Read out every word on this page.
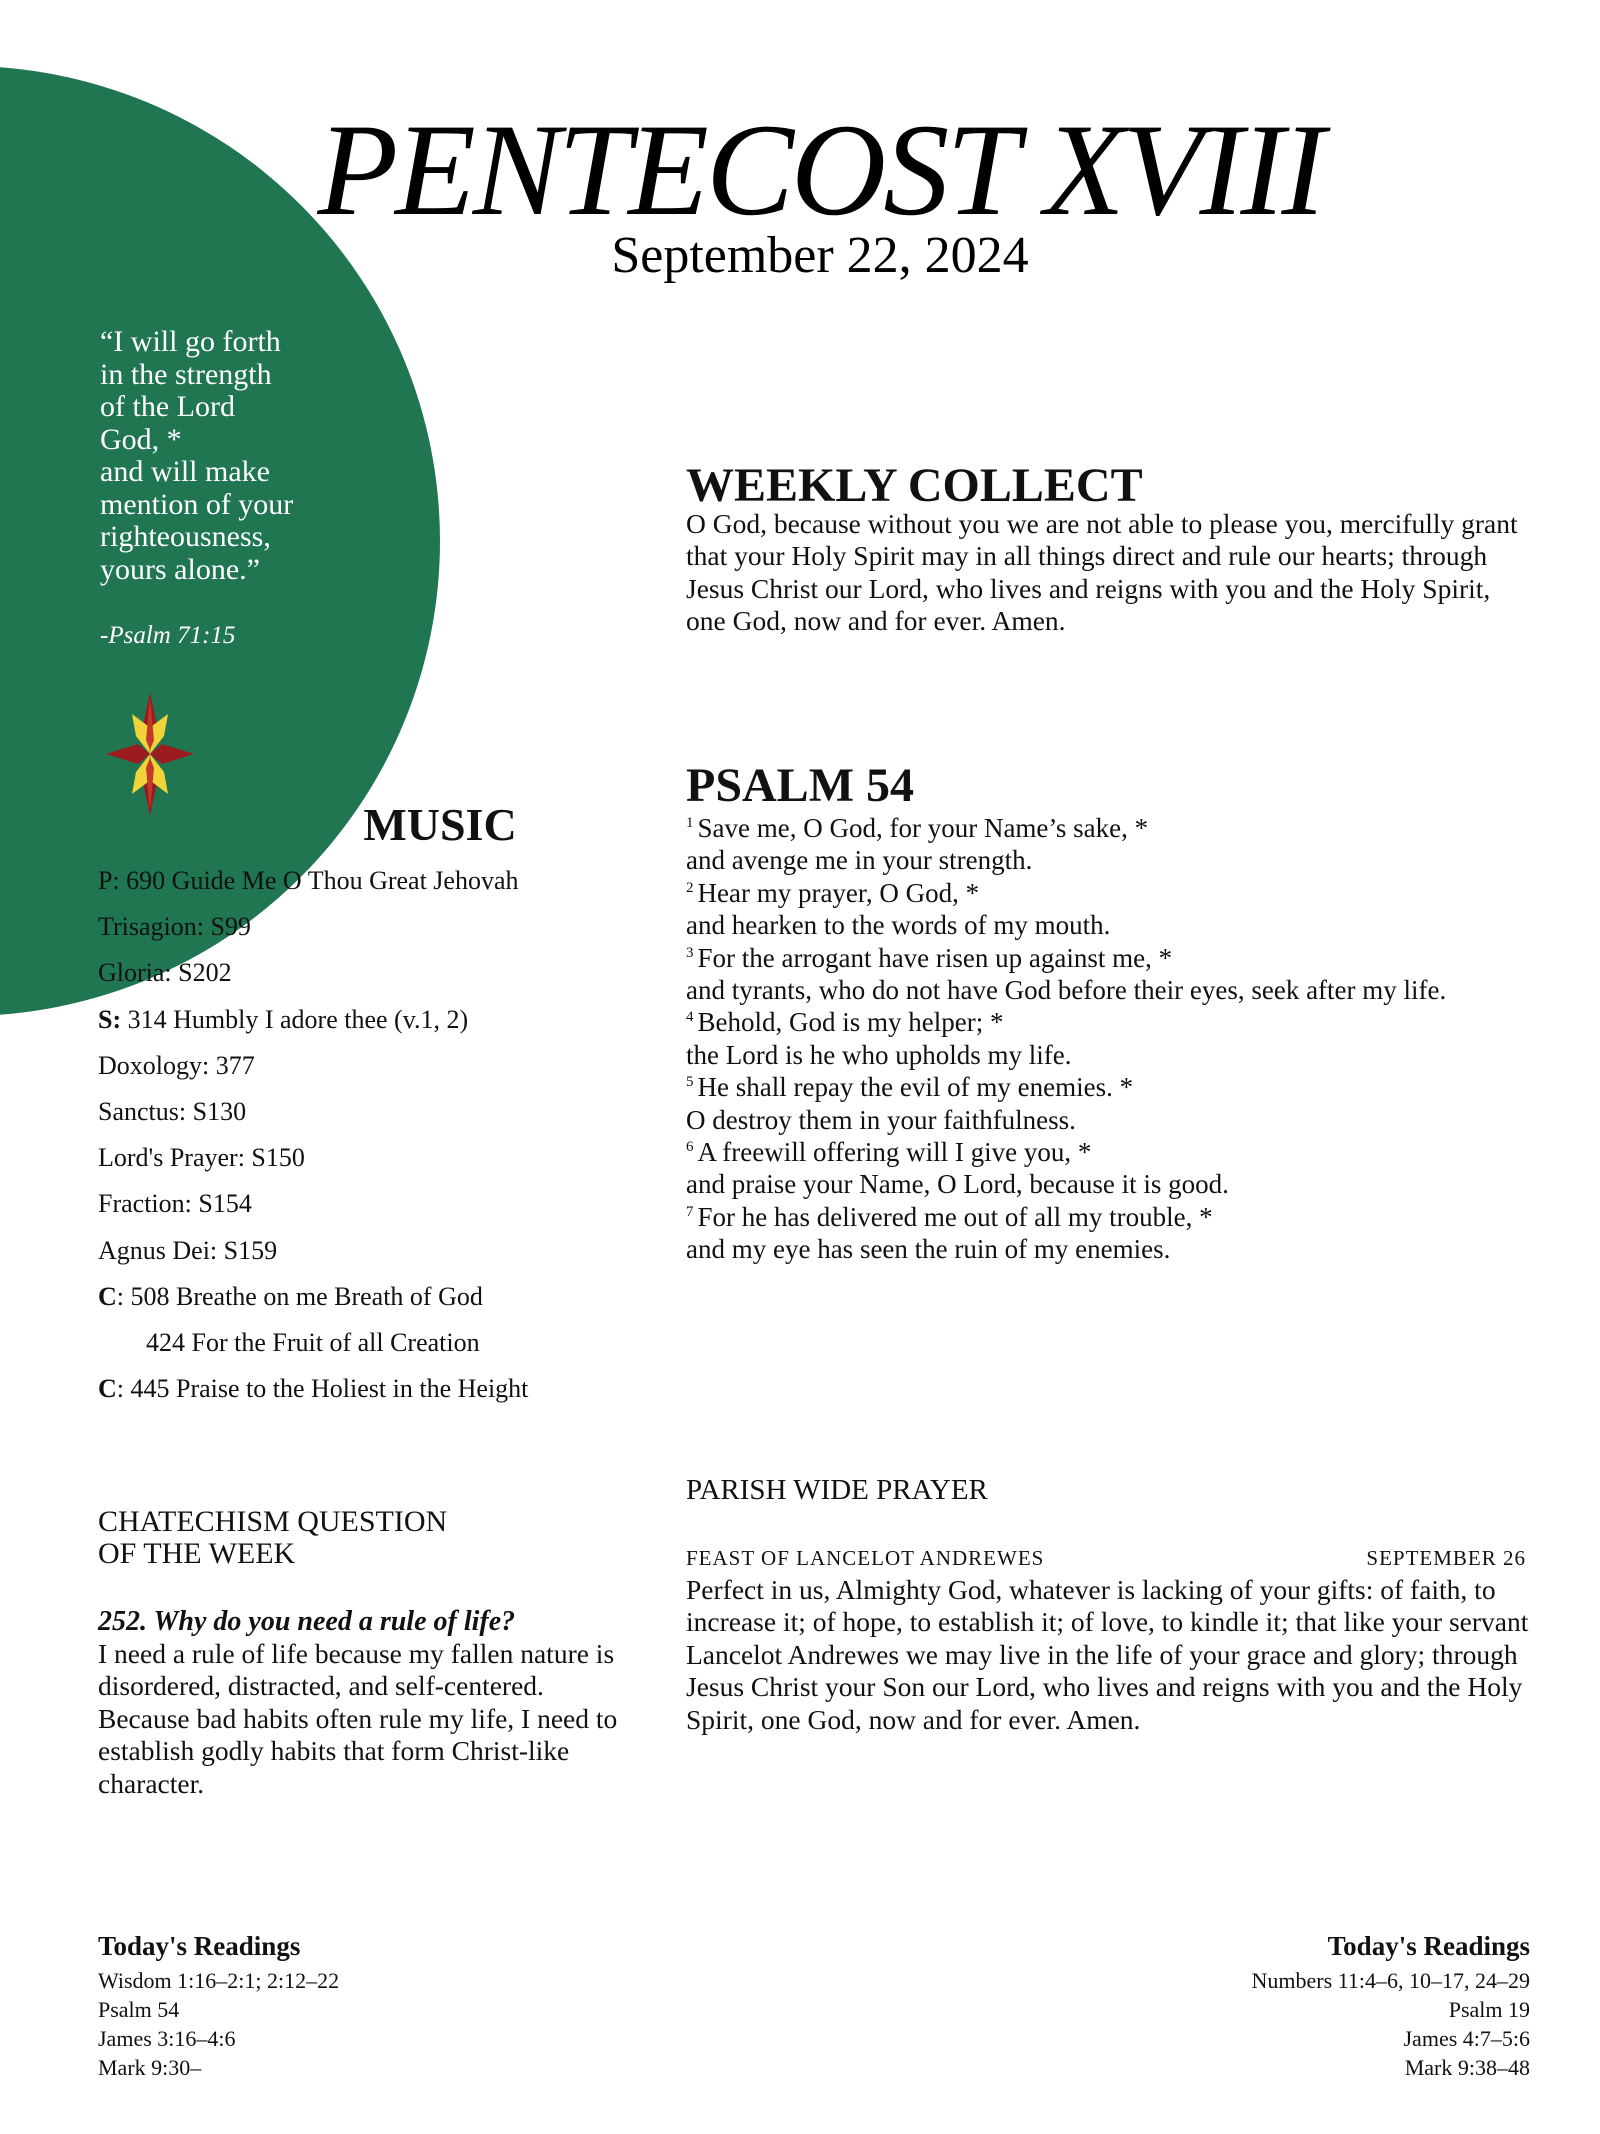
PENTECOST XVIII
September 22, 2024
“I will go forth
in the strength
of the Lord
God, *
and will make
mention of your
righteousness,
yours alone.”
-Psalm 71:15
MUSIC
P: 690 Guide Me O Thou Great Jehovah
Trisagion: S99
Gloria: S202
S: 314 Humbly I adore thee (v.1, 2)
Doxology: 377
Sanctus: S130
Lord's Prayer: S150
Fraction: S154
Agnus Dei: S159
C: 508 Breathe on me Breath of God
424 For the Fruit of all Creation
C: 445 Praise to the Holiest in the Height
WEEKLY COLLECT

O God, because without you we are not able to please you, mercifully grant that your Holy Spirit may in all things direct and rule our hearts; through Jesus Christ our Lord, who lives and reigns with you and the Holy Spirit, one God, now and for ever. Amen.

PSALM 54
$^1$ Save me, O God, for your Name’s sake, *
and avenge me in your strength.
$^2$ Hear my prayer, O God, *
and hearken to the words of my mouth.
$^3$ For the arrogant have risen up against me, *
and tyrants, who do not have God before their eyes, seek after my life.
$^4$ Behold, God is my helper; *
the Lord is he who upholds my life.
$^5$ He shall repay the evil of my enemies. *
O destroy them in your faithfulness.
$^6$ A freewill offering will I give you, *
and praise your Name, O Lord, because it is good.
$^7$ For he has delivered me out of all my trouble, *
and my eye has seen the ruin of my enemies.
PARISH WIDE PRAYER
FEAST OF LANCELOT ANDREWES	SEPTEMBER 26

Perfect in us, Almighty God, whatever is lacking of your gifts: of faith, to increase it; of hope, to establish it; of love, to kindle it; that like your servant Lancelot Andrewes we may live in the life of your grace and glory; through Jesus Christ your Son our Lord, who lives and reigns with you and the Holy Spirit, one God, now and for ever. Amen.

CHATECHISM QUESTION
OF THE WEEK
252. Why do you need a rule of life?

I need a rule of life because my fallen nature is disordered, distracted, and self-centered. Because bad habits often rule my life, I need to establish godly habits that form Christ-like character.

Today's Readings
Wisdom 1:16–2:1; 2:12–22
Psalm 54
James 3:16–4:6
Mark 9:30–
Today's Readings
Numbers 11:4–6, 10–17, 24–29
Psalm 19
James 4:7–5:6
Mark 9:38–48
